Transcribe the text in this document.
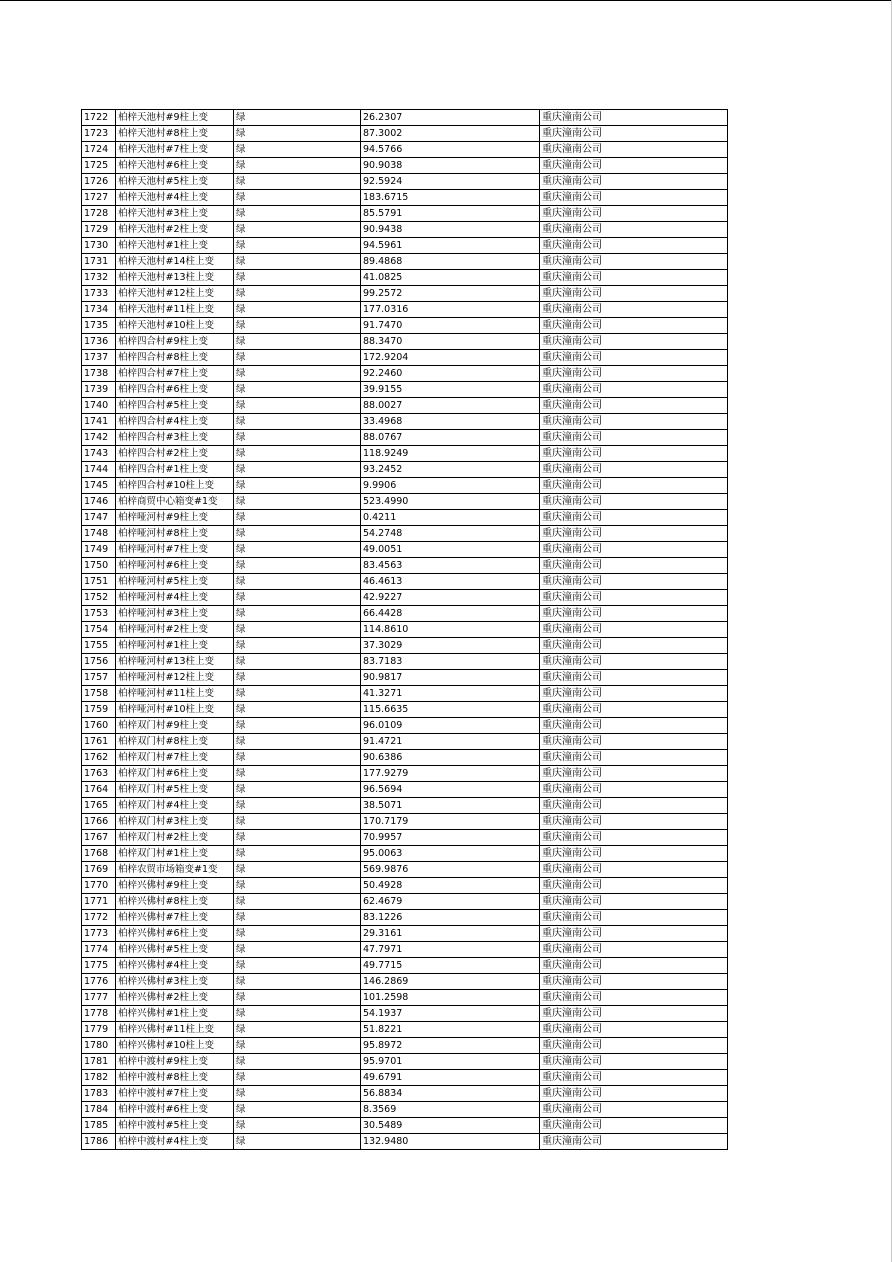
1722	柏梓天池村#9柱上变	绿	26.2307	重庆潼南公司
1723	柏梓天池村#8柱上变	绿	87.3002	重庆潼南公司
1724	柏梓天池村#7柱上变	绿	94.5766	重庆潼南公司
1725	柏梓天池村#6柱上变	绿	90.9038	重庆潼南公司
1726	柏梓天池村#5柱上变	绿	92.5924	重庆潼南公司
1727	柏梓天池村#4柱上变	绿	183.6715	重庆潼南公司
1728	柏梓天池村#3柱上变	绿	85.5791	重庆潼南公司
1729	柏梓天池村#2柱上变	绿	90.9438	重庆潼南公司
1730	柏梓天池村#1柱上变	绿	94.5961	重庆潼南公司
1731	柏梓天池村#14柱上变	绿	89.4868	重庆潼南公司
1732	柏梓天池村#13柱上变	绿	41.0825	重庆潼南公司
1733	柏梓天池村#12柱上变	绿	99.2572	重庆潼南公司
1734	柏梓天池村#11柱上变	绿	177.0316	重庆潼南公司
1735	柏梓天池村#10柱上变	绿	91.7470	重庆潼南公司
1736	柏梓四合村#9柱上变	绿	88.3470	重庆潼南公司
1737	柏梓四合村#8柱上变	绿	172.9204	重庆潼南公司
1738	柏梓四合村#7柱上变	绿	92.2460	重庆潼南公司
1739	柏梓四合村#6柱上变	绿	39.9155	重庆潼南公司
1740	柏梓四合村#5柱上变	绿	88.0027	重庆潼南公司
1741	柏梓四合村#4柱上变	绿	33.4968	重庆潼南公司
1742	柏梓四合村#3柱上变	绿	88.0767	重庆潼南公司
1743	柏梓四合村#2柱上变	绿	118.9249	重庆潼南公司
1744	柏梓四合村#1柱上变	绿	93.2452	重庆潼南公司
1745	柏梓四合村#10柱上变	绿	9.9906	重庆潼南公司
1746	柏梓商贸中心箱变#1变	绿	523.4990	重庆潼南公司
1747	柏梓哑河村#9柱上变	绿	0.4211	重庆潼南公司
1748	柏梓哑河村#8柱上变	绿	54.2748	重庆潼南公司
1749	柏梓哑河村#7柱上变	绿	49.0051	重庆潼南公司
1750	柏梓哑河村#6柱上变	绿	83.4563	重庆潼南公司
1751	柏梓哑河村#5柱上变	绿	46.4613	重庆潼南公司
1752	柏梓哑河村#4柱上变	绿	42.9227	重庆潼南公司
1753	柏梓哑河村#3柱上变	绿	66.4428	重庆潼南公司
1754	柏梓哑河村#2柱上变	绿	114.8610	重庆潼南公司
1755	柏梓哑河村#1柱上变	绿	37.3029	重庆潼南公司
1756	柏梓哑河村#13柱上变	绿	83.7183	重庆潼南公司
1757	柏梓哑河村#12柱上变	绿	90.9817	重庆潼南公司
1758	柏梓哑河村#11柱上变	绿	41.3271	重庆潼南公司
1759	柏梓哑河村#10柱上变	绿	115.6635	重庆潼南公司
1760	柏梓双门村#9柱上变	绿	96.0109	重庆潼南公司
1761	柏梓双门村#8柱上变	绿	91.4721	重庆潼南公司
1762	柏梓双门村#7柱上变	绿	90.6386	重庆潼南公司
1763	柏梓双门村#6柱上变	绿	177.9279	重庆潼南公司
1764	柏梓双门村#5柱上变	绿	96.5694	重庆潼南公司
1765	柏梓双门村#4柱上变	绿	38.5071	重庆潼南公司
1766	柏梓双门村#3柱上变	绿	170.7179	重庆潼南公司
1767	柏梓双门村#2柱上变	绿	70.9957	重庆潼南公司
1768	柏梓双门村#1柱上变	绿	95.0063	重庆潼南公司
1769	柏梓农贸市场箱变#1变	绿	569.9876	重庆潼南公司
1770	柏梓兴佛村#9柱上变	绿	50.4928	重庆潼南公司
1771	柏梓兴佛村#8柱上变	绿	62.4679	重庆潼南公司
1772	柏梓兴佛村#7柱上变	绿	83.1226	重庆潼南公司
1773	柏梓兴佛村#6柱上变	绿	29.3161	重庆潼南公司
1774	柏梓兴佛村#5柱上变	绿	47.7971	重庆潼南公司
1775	柏梓兴佛村#4柱上变	绿	49.7715	重庆潼南公司
1776	柏梓兴佛村#3柱上变	绿	146.2869	重庆潼南公司
1777	柏梓兴佛村#2柱上变	绿	101.2598	重庆潼南公司
1778	柏梓兴佛村#1柱上变	绿	54.1937	重庆潼南公司
1779	柏梓兴佛村#11柱上变	绿	51.8221	重庆潼南公司
1780	柏梓兴佛村#10柱上变	绿	95.8972	重庆潼南公司
1781	柏梓中渡村#9柱上变	绿	95.9701	重庆潼南公司
1782	柏梓中渡村#8柱上变	绿	49.6791	重庆潼南公司
1783	柏梓中渡村#7柱上变	绿	56.8834	重庆潼南公司
1784	柏梓中渡村#6柱上变	绿	8.3569	重庆潼南公司
1785	柏梓中渡村#5柱上变	绿	30.5489	重庆潼南公司
1786	柏梓中渡村#4柱上变	绿	132.9480	重庆潼南公司
